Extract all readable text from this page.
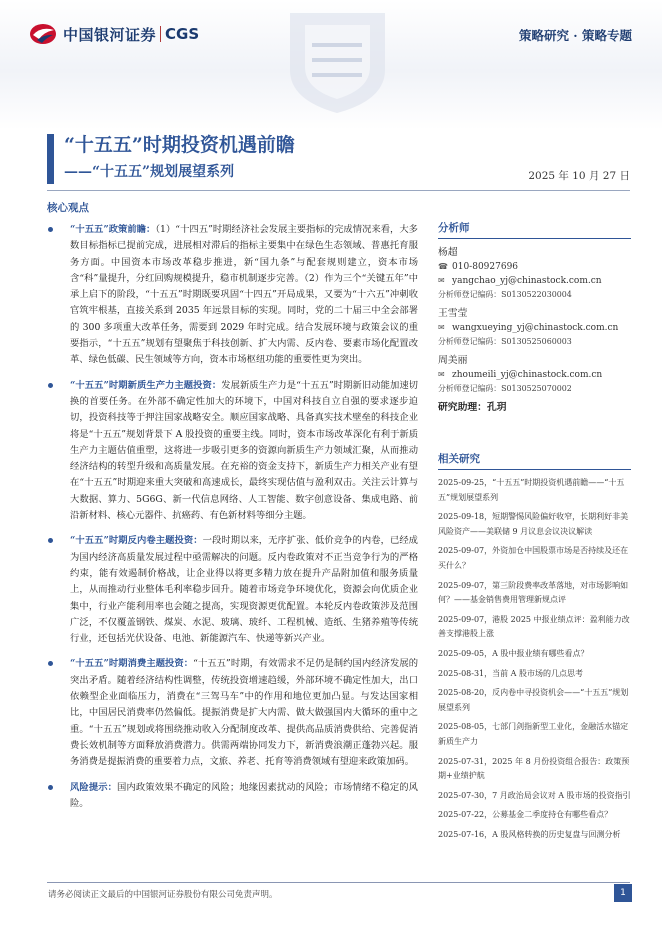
中国银河证券 CGS	策略研究 · 策略专题
“十五五”时期投资机遇前瞻
——“十五五”规划展望系列	2025 年 10 月 27 日
核心观点
“十五五”政策前瞻：（1）“十四五”时期经济社会发展主要指标的完成情况来看，大多数目标指标已提前完成，进展相对滞后的指标主要集中在绿色生态领域、普惠托育服务方面。中国资本市场改革稳步推进，新“国九条”与配套规则建立，资本市场含“科”量提升，分红回购规模提升，稳市机制逐步完善。（2）作为三个“关键五年”中承上启下的阶段，“十五五”时期既要巩固“十四五”开局成果，又要为“十六五”冲刺收官筑牢根基，直接关系到 2035 年远景目标的实现。同时，党的二十届三中全会部署的 300 多项重大改革任务，需要到 2029 年时完成。结合发展环境与政策会议的重要指示，“十五五”规划有望聚焦于科技创新、扩大内需、反内卷、要素市场化配置改革、绿色低碳、民生领域等方向，资本市场枢纽功能的重要性更为突出。
“十五五”时期新质生产力主题投资：发展新质生产力是“十五五”时期新旧动能加速切换的首要任务。在外部不确定性加大的环境下，中国对科技自立自强的要求逐步迫切，投资科技等于押注国家战略安全。顺应国家战略、具备真实技术壁垒的科技企业将是“十五五”规划背景下 A 股投资的重要主线。同时，资本市场改革深化有利于新质生产力主题估值重塑，这将进一步吸引更多的资源向新质生产力领域汇聚，从而推动经济结构的转型升级和高质量发展。在充裕的资金支持下，新质生产力相关产业有望在“十五五”时期迎来重大突破和高速成长，最终实现估值与盈利双击。关注云计算与大数据、算力、5G6G、新一代信息网络、人工智能、数字创意设备、集成电路、前沿新材料、核心元器件、抗癌药、有色新材料等细分主题。
“十五五”时期反内卷主题投资：一段时期以来，无序扩张、低价竞争的内卷，已经成为国内经济高质量发展过程中亟需解决的问题。反内卷政策对不正当竞争行为的严格约束，能有效遏制价格战，让企业得以将更多精力放在提升产品附加值和服务质量上，从而推动行业整体毛利率稳步回升。随着市场竞争环境优化，资源会向优质企业集中，行业产能利用率也会随之提高，实现资源更优配置。本轮反内卷政策涉及范围广泛，不仅覆盖钢铁、煤炭、水泥、玻璃、玻纤、工程机械、造纸、生猪养殖等传统行业，还包括光伏设备、电池、新能源汽车、快递等新兴产业。
“十五五”时期消费主题投资：“十五五”时期，有效需求不足仍是制约国内经济发展的突出矛盾。随着经济结构性调整，传统投资增速趋缓，外部环境不确定性加大，出口依赖型企业面临压力，消费在“三驾马车”中的作用和地位更加凸显。与发达国家相比，中国居民消费率仍然偏低。提振消费是扩大内需、做大做强国内大循环的重中之重。“十五五”规划或将围绕推动收入分配制度改革、提供高品质消费供给、完善促消费长效机制等方面释放消费潜力。供需两端协同发力下，新消费浪潮正蓬勃兴起。服务消费是提振消费的重要着力点，文旅、养老、托育等消费领域有望迎来政策加码。
风险提示：国内政策效果不确定的风险；地缘因素扰动的风险；市场情绪不稳定的风险。
分析师
杨超
☎ 010-80927696
✉ yangchao_yj@chinastock.com.cn
分析师登记编码：S0130522030004
王雪莹
✉ wangxueying_yj@chinastock.com.cn
分析师登记编码：S0130525060003
周美丽
✉ zhoumeili_yj@chinastock.com.cn
分析师登记编码：S0130525070002
研究助理：孔玥
相关研究
2025-09-25，“十五五”时期投资机遇前瞻——“十五五”规划展望系列
2025-09-18，短期警惕风险偏好收窄，长期利好非美风险资产——美联储 9 月议息会议决议解读
2025-09-07，外资加仓中国股票市场是否持续及还在买什么？
2025-09-07，第三阶段费率改革落地，对市场影响如何？——基金销售费用管理新规点评
2025-09-07，港股 2025 中报业绩点评：盈利能力改善支撑港股上涨
2025-09-05，A 股中报业绩有哪些看点？
2025-08-31，当前 A 股市场的几点思考
2025-08-20，反内卷中寻投资机会——“十五五”规划展望系列
2025-08-05，七部门剑指新型工业化，金融活水锚定新质生产力
2025-07-31，2025 年 8 月份投资组合报告：政策预期+业绩护航
2025-07-30，7 月政治局会议对 A 股市场的投资指引
2025-07-22，公募基金二季度持仓有哪些看点？
2025-07-16，A 股风格转换的历史复盘与回测分析
请务必阅读正文最后的中国银河证券股份有限公司免责声明。	1
